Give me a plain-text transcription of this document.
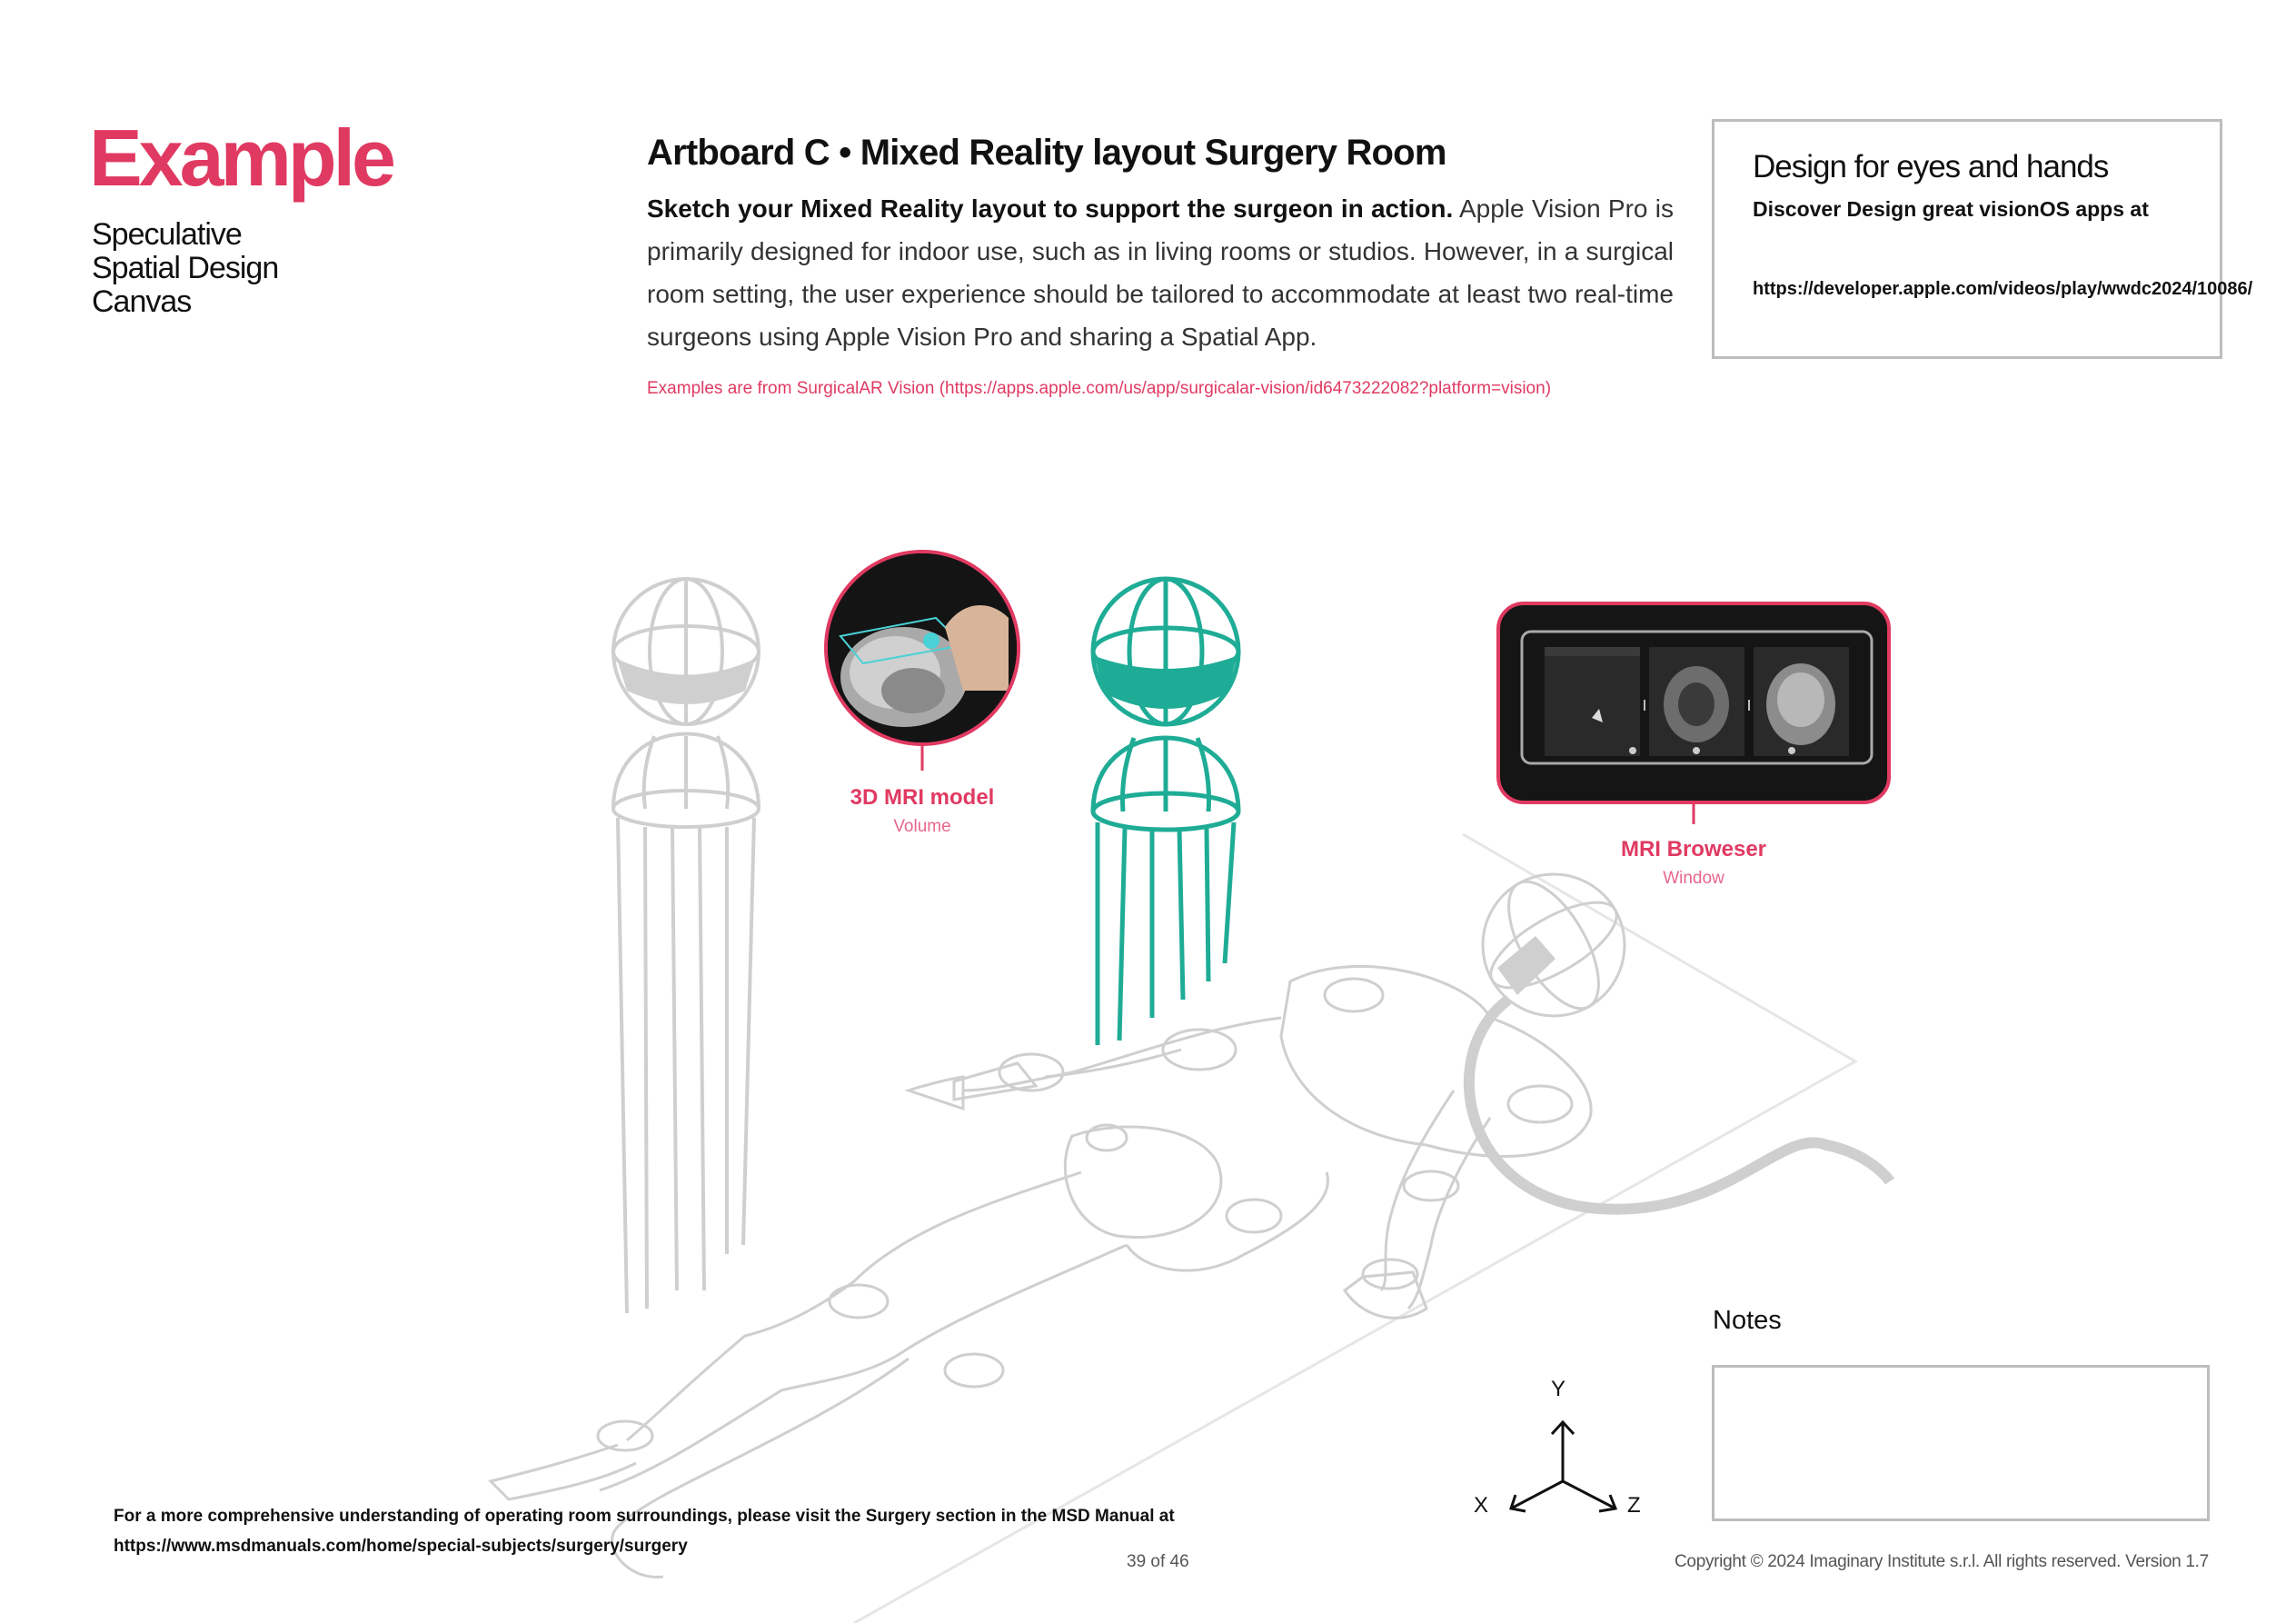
Example
Speculative
Spatial Design
Canvas
Artboard C • Mixed Reality layout Surgery Room
Sketch your Mixed Reality layout to support the surgeon in action. Apple Vision Pro is primarily designed for indoor use, such as in living rooms or studios. However, in a surgical room setting, the user experience should be tailored to accommodate at least two real-time surgeons using Apple Vision Pro and sharing a Spatial App.
Examples are from SurgicalAR Vision (https://apps.apple.com/us/app/surgicalar-vision/id6473222082?platform=vision)
Design for eyes and hands
Discover Design great visionOS apps at
https://developer.apple.com/videos/play/wwdc2024/10086/
3D MRI model
Volume
MRI Broweser
Window
Y
X	Z
Notes
For a more comprehensive understanding of operating room surroundings, please visit the Surgery section in the MSD Manual at https://www.msdmanuals.com/home/special-subjects/surgery/surgery
39 of 46	Copyright © 2024 Imaginary Institute s.r.l. All rights reserved. Version 1.7
